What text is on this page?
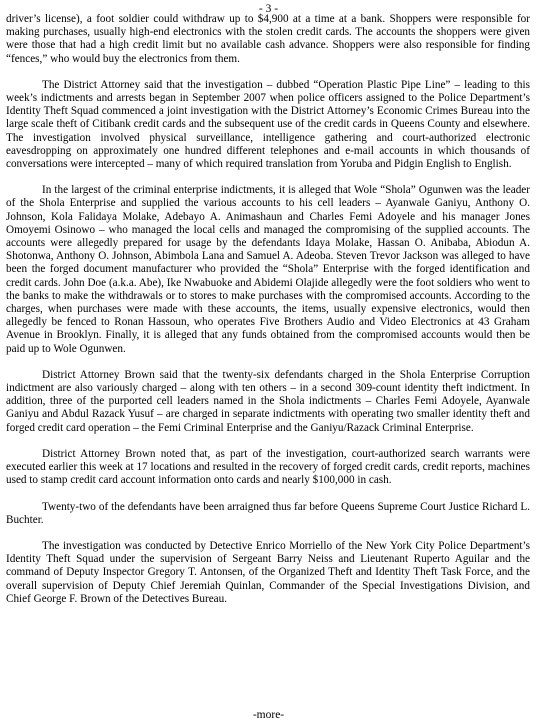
- 3 -

driver’s license), a foot soldier could withdraw up to $4,900 at a time at a bank. Shoppers were responsible for making purchases, usually high-end electronics with the stolen credit cards. The accounts the shoppers were given were those that had a high credit limit but no available cash advance. Shoppers were also responsible for finding “fences,” who would buy the electronics from them.

The District Attorney said that the investigation – dubbed “Operation Plastic Pipe Line” – leading to this week’s indictments and arrests began in September 2007 when police officers assigned to the Police Department’s Identity Theft Squad commenced a joint investigation with the District Attorney’s Economic Crimes Bureau into the large scale theft of Citibank credit cards and the subsequent use of the credit cards in Queens County and elsewhere. The investigation involved physical surveillance, intelligence gathering and court-authorized electronic eavesdropping on approximately one hundred different telephones and e-mail accounts in which thousands of conversations were intercepted – many of which required translation from Yoruba and Pidgin English to English.

In the largest of the criminal enterprise indictments, it is alleged that Wole “Shola” Ogunwen was the leader of the Shola Enterprise and supplied the various accounts to his cell leaders – Ayanwale Ganiyu, Anthony O. Johnson, Kola Falidaya Molake, Adebayo A. Animashaun and Charles Femi Adoyele and his manager Jones Omoyemi Osinowo – who managed the local cells and managed the compromising of the supplied accounts. The accounts were allegedly prepared for usage by the defendants Idaya Molake, Hassan O. Anibaba, Abiodun A. Shotonwa, Anthony O. Johnson, Abimbola Lana and Samuel A. Adeoba. Steven Trevor Jackson was alleged to have been the forged document manufacturer who provided the “Shola” Enterprise with the forged identification and credit cards. John Doe (a.k.a. Abe), Ike Nwabuoke and Abidemi Olajide allegedly were the foot soldiers who went to the banks to make the withdrawals or to stores to make purchases with the compromised accounts. According to the charges, when purchases were made with these accounts, the items, usually expensive electronics, would then allegedly be fenced to Ronan Hassoun, who operates Five Brothers Audio and Video Electronics at 43 Graham Avenue in Brooklyn. Finally, it is alleged that any funds obtained from the compromised accounts would then be paid up to Wole Ogunwen.

District Attorney Brown said that the twenty-six defendants charged in the Shola Enterprise Corruption indictment are also variously charged – along with ten others – in a second 309-count identity theft indictment. In addition, three of the purported cell leaders named in the Shola indictments – Charles Femi Adoyele, Ayanwale Ganiyu and Abdul Razack Yusuf – are charged in separate indictments with operating two smaller identity theft and forged credit card operation – the Femi Criminal Enterprise and the Ganiyu/Razack Criminal Enterprise.

District Attorney Brown noted that, as part of the investigation, court-authorized search warrants were executed earlier this week at 17 locations and resulted in the recovery of forged credit cards, credit reports, machines used to stamp credit card account information onto cards and nearly $100,000 in cash.

Twenty-two of the defendants have been arraigned thus far before Queens Supreme Court Justice Richard L. Buchter.

The investigation was conducted by Detective Enrico Morriello of the New York City Police Department’s Identity Theft Squad under the supervision of Sergeant Barry Neiss and Lieutenant Ruperto Aguilar and the command of Deputy Inspector Gregory T. Antonsen, of the Organized Theft and Identity Theft Task Force, and the overall supervision of Deputy Chief Jeremiah Quinlan, Commander of the Special Investigations Division, and Chief George F. Brown of the Detectives Bureau.

-more-
